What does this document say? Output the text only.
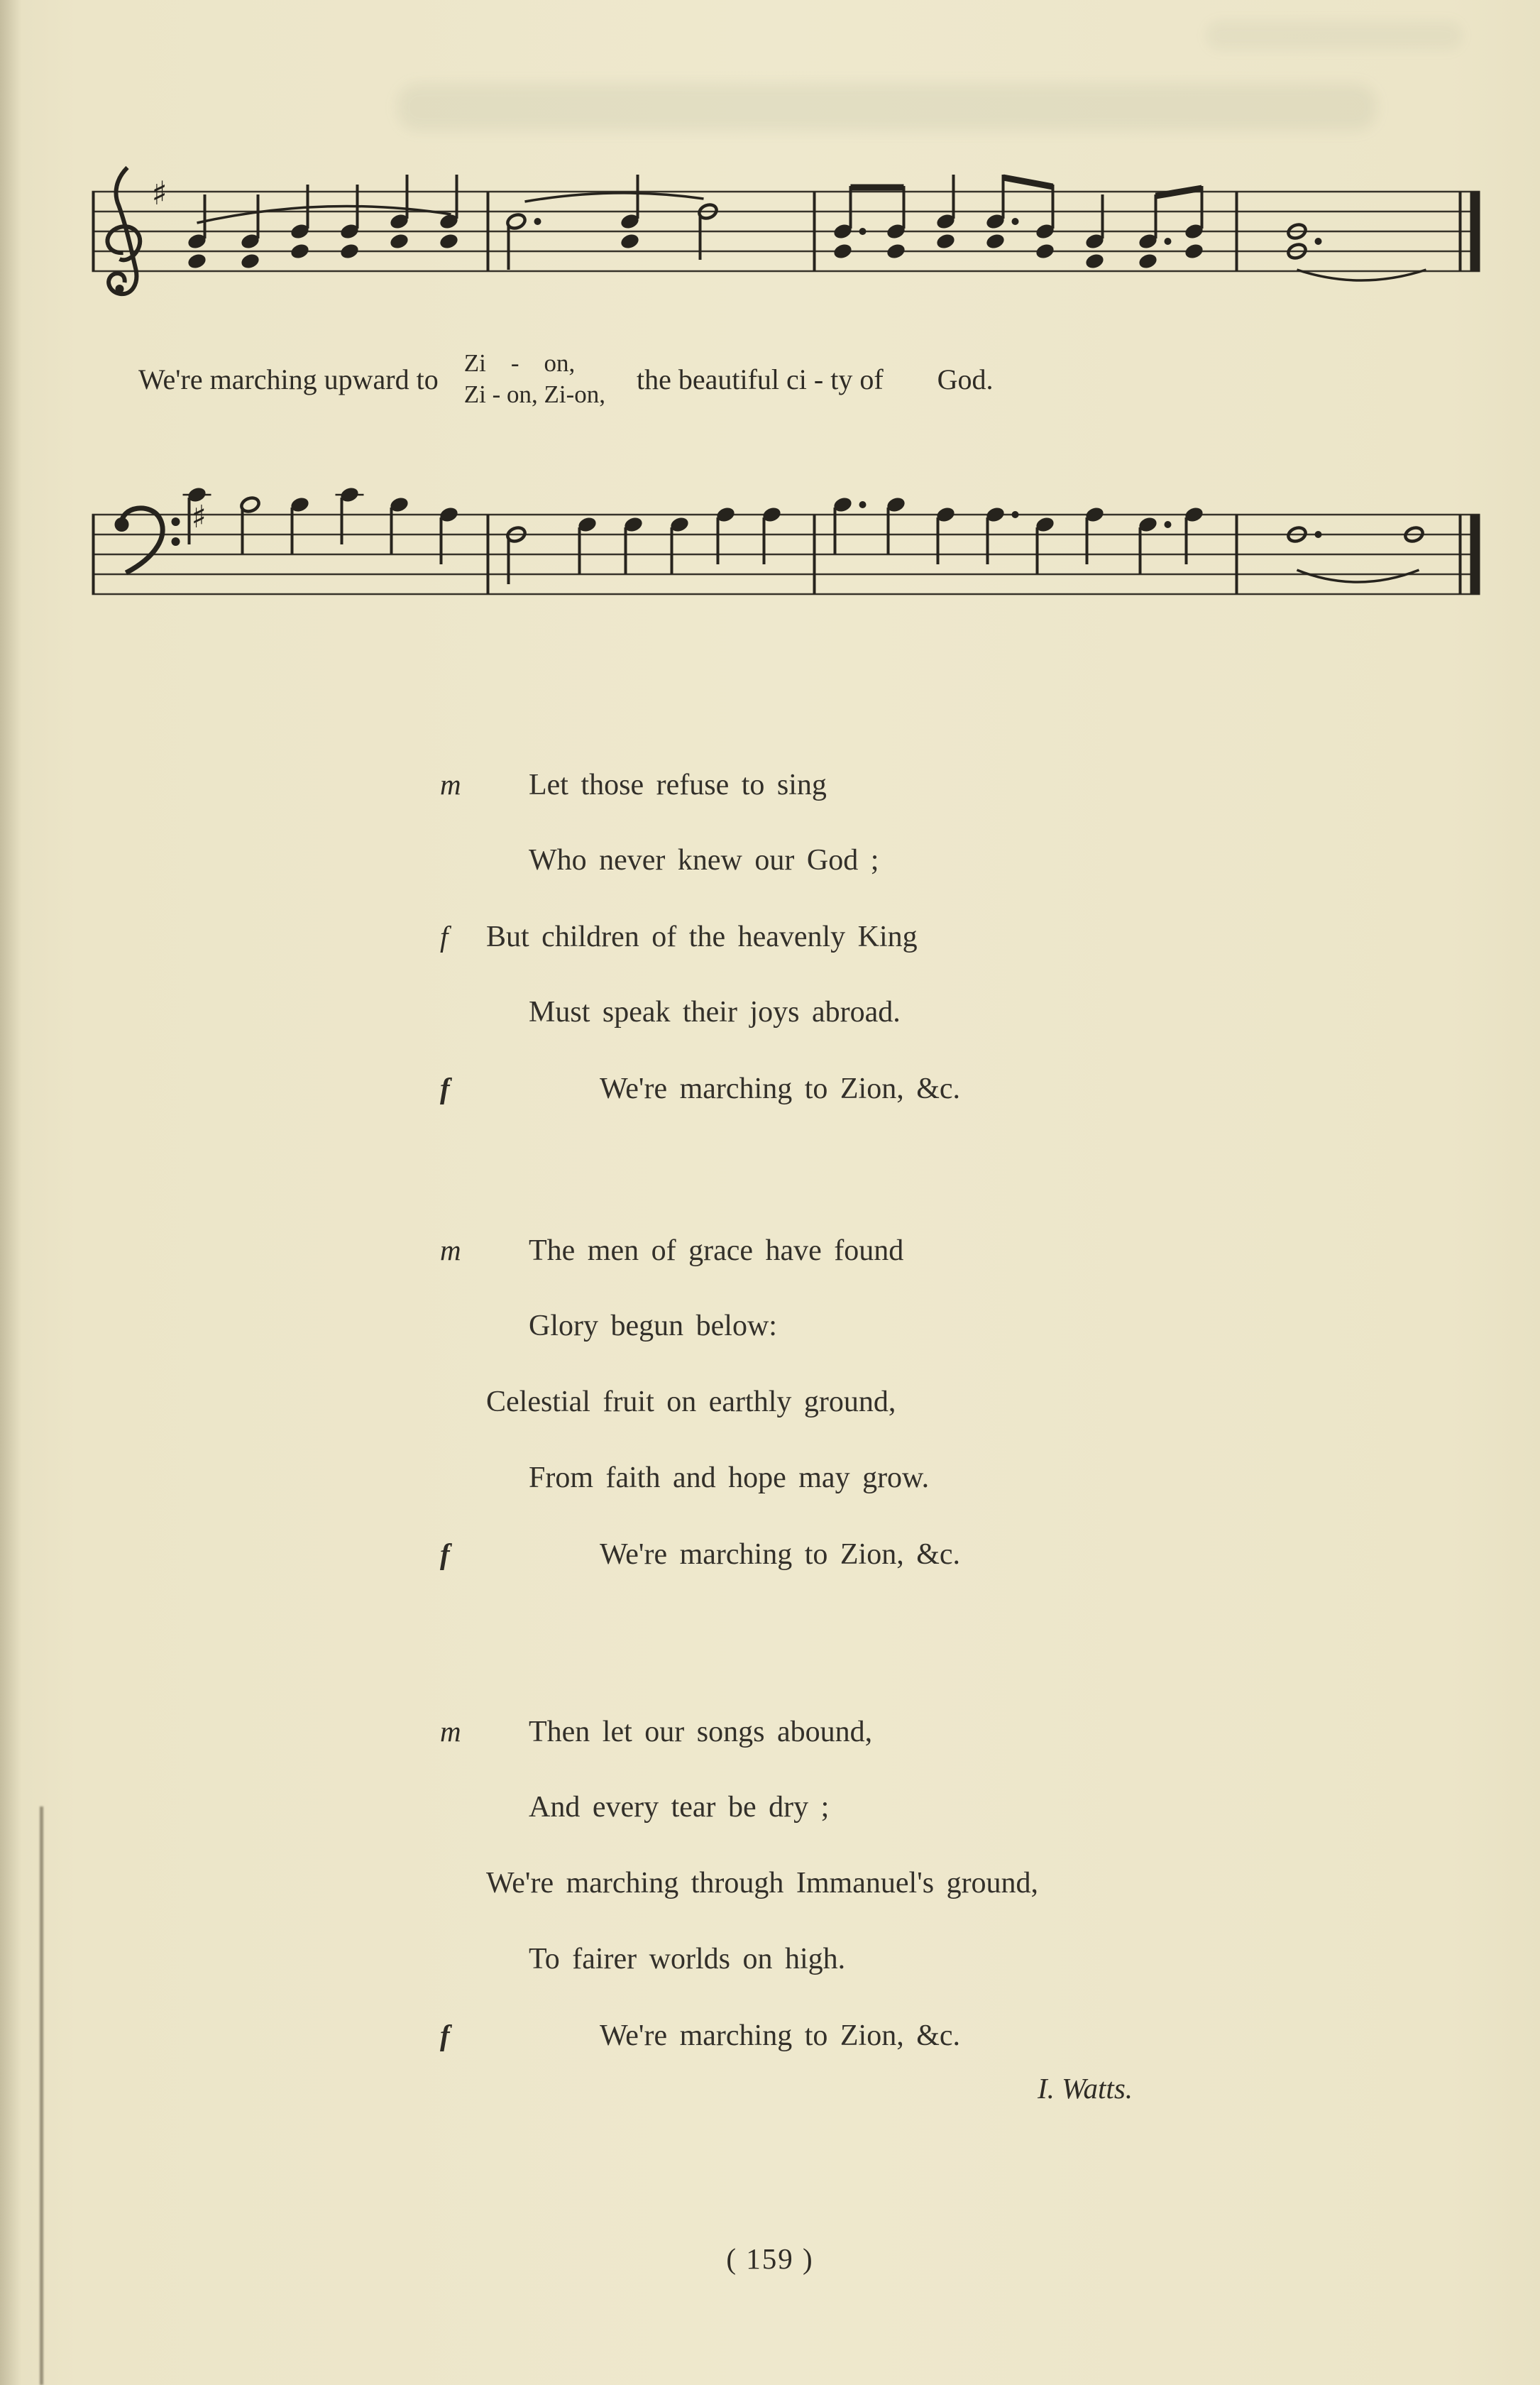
♯
We're marching upward to Zi    -    on,
Zi - on, Zi-on, the beautiful ci - ty of God.
♯
m	Let those refuse to sing
Who never knew our God ;
f	But children of the heavenly King
Must speak their joys abroad.
f	We're marching to Zion, &c.
m	The men of grace have found
Glory begun below:
Celestial fruit on earthly ground,
From faith and hope may grow.
f	We're marching to Zion, &c.
m	Then let our songs abound,
And every tear be dry ;
We're marching through Immanuel's ground,
To fairer worlds on high.
f	We're marching to Zion, &c.
I. Watts.
( 159 )
